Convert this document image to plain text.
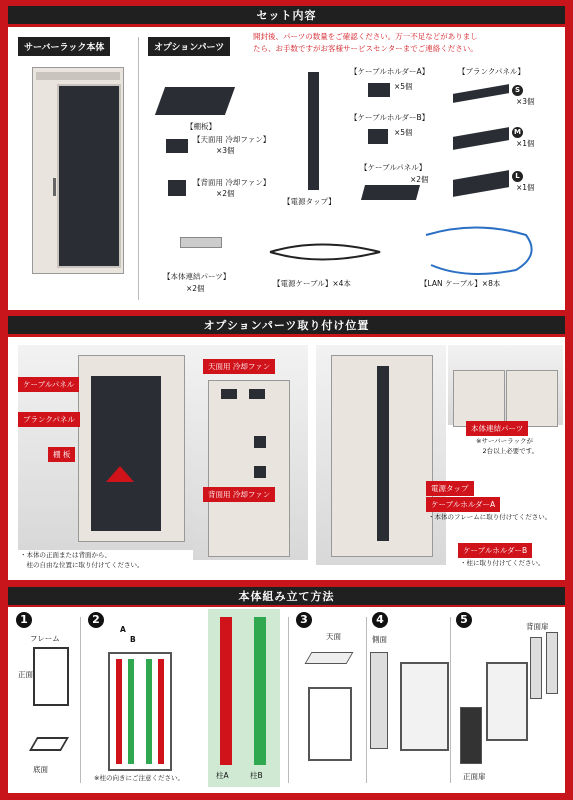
セット内容
サーバーラック本体	オプションパーツ
開封後、パーツの数量をご確認ください。万一不足などがありまし
たら、お手数ですがお客様サービスセンターまでご連絡ください。
【棚板】
【天面用 冷却ファン】
×3個
【背面用 冷却ファン】
×2個
【電源タップ】
【ケーブルホルダーA】
×5個
【ケーブルホルダーB】
×5個
【ケーブルパネル】
×2個
【ブランクパネル】
S
×3個
M
×1個
L
×1個
【本体連結パーツ】
×2個
【電源ケーブル】×4本	【LAN ケーブル】×8本
オプションパーツ取り付け位置
ケーブルパネル
ブランクパネル
棚 板
・本体の正面または背面から、
　柱の自由な位置に取り付けてください。
天面用 冷却ファン
背面用 冷却ファン
電源タップ
ケーブルホルダーA
・本体のフレームに取り付けてください。
ケーブルホルダーB
・柱に取り付けてください。
本体連結パーツ
※サーバーラックが
　2台以上必要です。
本体組み立て方法
1
フレーム
正面
底面
2
A
B
※柱の向きにご注意ください。	柱A	柱B
3
天面
4
側面
5
背面扉
正面扉
